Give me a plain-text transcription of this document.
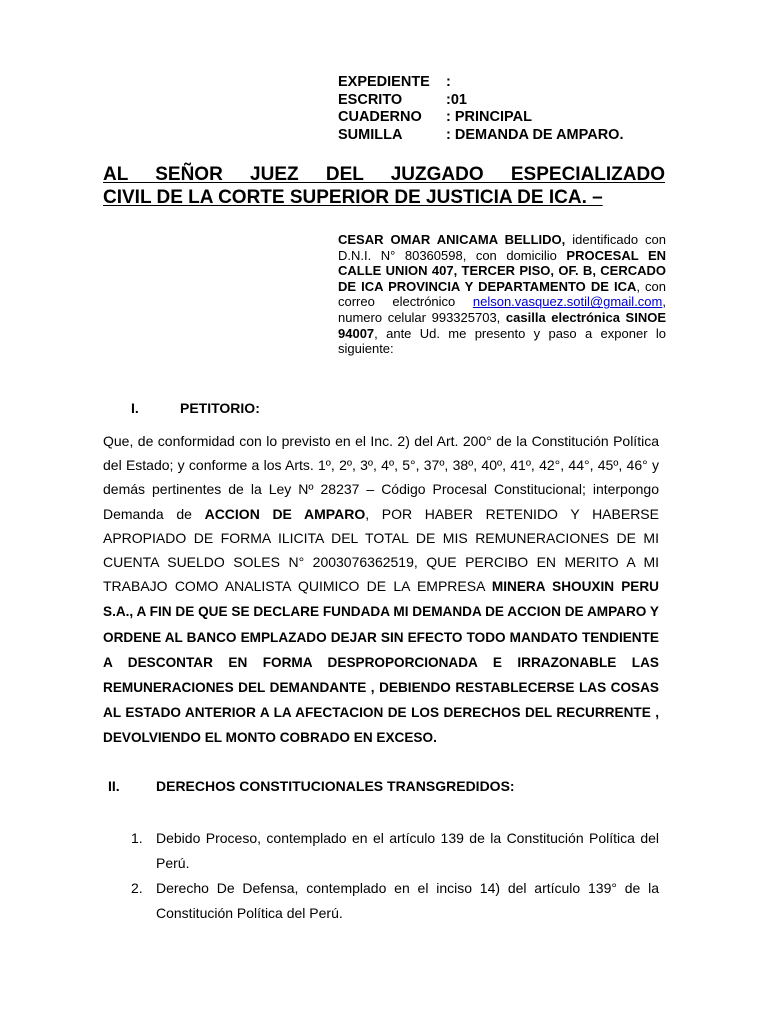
EXPEDIENTE	:
ESCRITO	:01
CUADERNO	: PRINCIPAL
SUMILLA	: DEMANDA DE AMPARO.
AL SEÑOR JUEZ DEL JUZGADO ESPECIALIZADO
CIVIL DE LA CORTE SUPERIOR DE JUSTICIA DE ICA. –
CESAR OMAR ANICAMA BELLIDO, identificado con D.N.I. N° 80360598, con domicilio PROCESAL EN CALLE UNION 407, TERCER PISO, OF. B, CERCADO DE ICA PROVINCIA Y DEPARTAMENTO DE ICA, con correo electrónico nelson.vasquez.sotil@gmail.com, numero celular 993325703, casilla electrónica SINOE 94007, ante Ud. me presento y paso a exponer lo siguiente:
I.	PETITORIO:
Que, de conformidad con lo previsto en el Inc. 2) del Art. 200° de la Constitución Política del Estado; y conforme a los Arts. 1º, 2º, 3º, 4º, 5°, 37º, 38º, 40º, 41º, 42°, 44°, 45º, 46° y demás pertinentes de la Ley Nº 28237 – Código Procesal Constitucional; interpongo Demanda de ACCION DE AMPARO, POR HABER RETENIDO Y HABERSE APROPIADO DE FORMA ILICITA DEL TOTAL DE MIS REMUNERACIONES DE MI CUENTA SUELDO SOLES N° 2003076362519, QUE PERCIBO EN MERITO A MI TRABAJO COMO ANALISTA QUIMICO DE LA EMPRESA MINERA SHOUXIN PERU S.A., A FIN DE QUE SE DECLARE FUNDADA MI DEMANDA DE ACCION DE AMPARO Y ORDENE AL BANCO EMPLAZADO DEJAR SIN EFECTO TODO MANDATO TENDIENTE A DESCONTAR EN FORMA DESPROPORCIONADA E IRRAZONABLE LAS REMUNERACIONES DEL DEMANDANTE , DEBIENDO RESTABLECERSE LAS COSAS AL ESTADO ANTERIOR A LA AFECTACION DE LOS DERECHOS DEL RECURRENTE , DEVOLVIENDO EL MONTO COBRADO EN EXCESO.
II.	DERECHOS CONSTITUCIONALES TRANSGREDIDOS:
1. Debido Proceso, contemplado en el artículo 139 de la Constitución Política del Perú.
2. Derecho De Defensa, contemplado en el inciso 14) del artículo 139° de la Constitución Política del Perú.
